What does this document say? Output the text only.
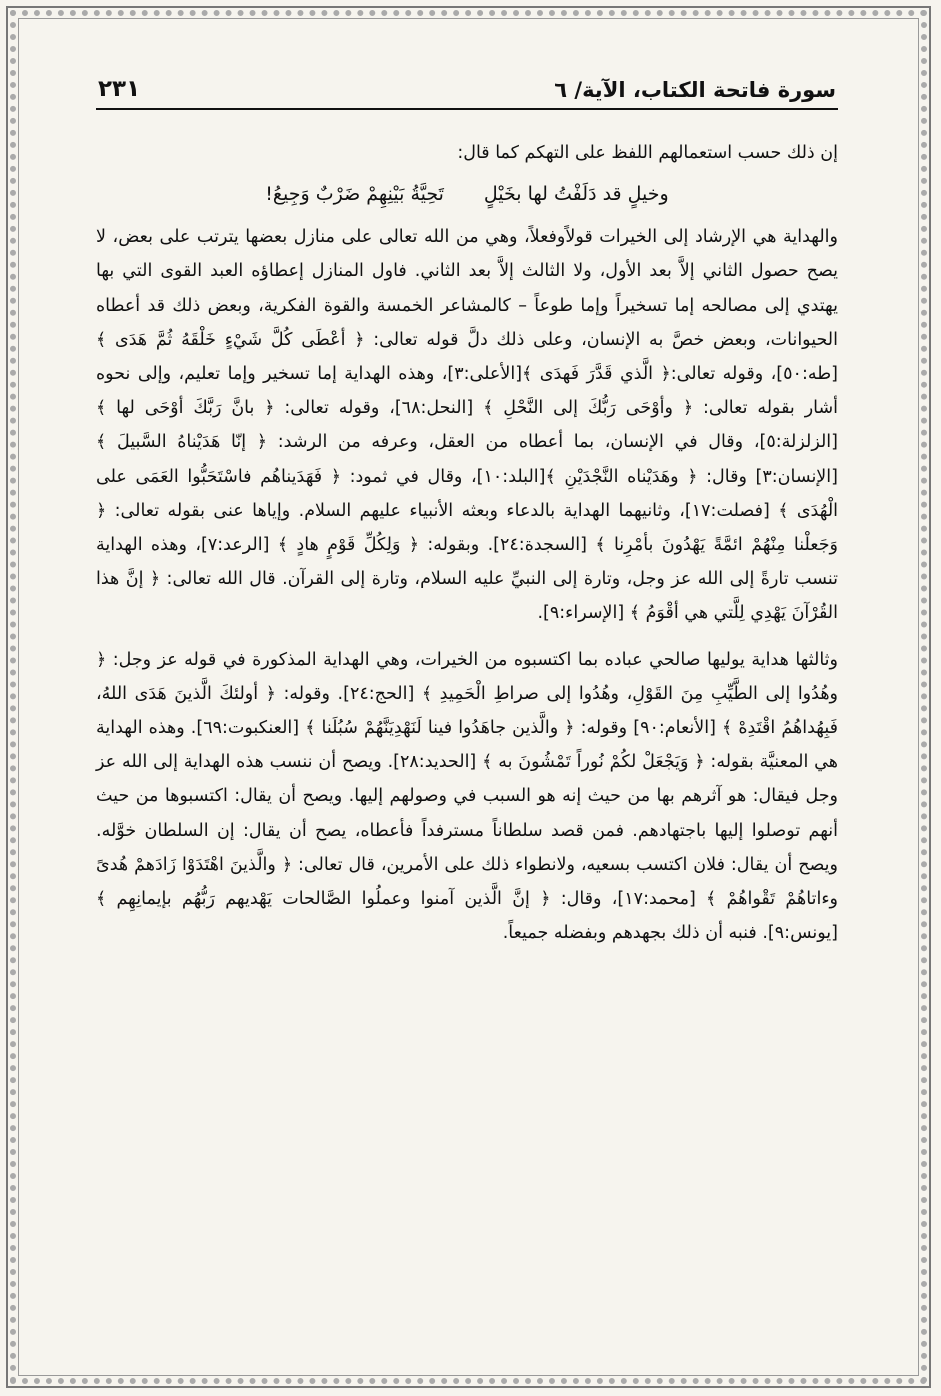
سورة فاتحة الكتاب، الآية/ ٦
٢٣١

إن ذلك حسب استعمالهم اللفظ على التهكم كما قال:

وخيلٍ قد دَلَفْتُ لها بخَيْلٍ
تَحِيَّةُ بَيْنِهِمْ ضَرْبٌ وَجِيعُ!

والهداية هي الإرشاد إلى الخيرات قولاًوفعلاً، وهي من الله تعالى على منازل بعضها يترتب على بعض، لا يصح حصول الثاني إلاَّ بعد الأول، ولا الثالث إلاَّ بعد الثاني. فاول المنازل إعطاؤه العبد القوى التي بها يهتدي إلى مصالحه إما تسخيراً وإما طوعاً – كالمشاعر الخمسة والقوة الفكرية، وبعض ذلك قد أعطاه الحيوانات، وبعض خصَّ به الإنسان، وعلى ذلك دلَّ قوله تعالى: ﴿ أعْطَى كُلَّ شَيْءٍ خَلْقَهُ ثُمَّ هَدَى ﴾ [طه:٥٠]، وقوله تعالى:﴿ الَّذي قَدَّرَ فَهدَى ﴾[الأعلى:٣]، وهذه الهداية إما تسخير وإما تعليم، وإلى نحوه أشار بقوله تعالى: ﴿ وأوْحَى رَبُّكَ إلى النَّحْلِ ﴾ [النحل:٦٨]، وقوله تعالى: ﴿ بانَّ رَبَّكَ أوْحَى لها ﴾ [الزلزلة:٥]، وقال في الإنسان، بما أعطاه من العقل، وعرفه من الرشد: ﴿ إنّا هَدَيْناهُ السَّبيلَ ﴾[الإنسان:٣] وقال: ﴿ وهَدَيْناه النَّجْدَيْنِ ﴾[البلد:١٠]، وقال في ثمود: ﴿ فَهَدَيناهُم فاسْتَحَبُّوا العَمَى على الْهُدَى ﴾ [فصلت:١٧]، وثانيهما الهداية بالدعاء وبعثه الأنبياء عليهم السلام. وإياها عنى بقوله تعالى: ﴿ وَجَعلْنا مِنْهُمْ ائمَّةً يَهْدُونَ بأمْرِنا ﴾ [السجدة:٢٤]. وبقوله: ﴿ وَلِكُلِّ قَوْمٍ هادٍ ﴾ [الرعد:٧]، وهذه الهداية تنسب تارةً إلى الله عز وجل، وتارة إلى النبيِّ عليه السلام، وتارة إلى القرآن. قال الله تعالى: ﴿ إنَّ هذا القُرْآنَ يَهْدِي لِلَّتي هي أقْوَمُ ﴾ [الإسراء:٩].

وثالثها هداية يوليها صالحي عباده بما اكتسبوه من الخيرات، وهي الهداية المذكورة في قوله عز وجل: ﴿ وهُدُوا إلى الطَّيِّبِ مِنَ القَوْلِ، وهُدُوا إلى صراطِ الْحَمِيدِ ﴾ [الحج:٢٤]. وقوله: ﴿ أولئكَ الَّذينَ هَدَى اللهُ، فَبِهُداهُمُ اقْتَدِهْ ﴾ [الأنعام:٩٠] وقوله: ﴿ والَّذين جاهَدُوا فينا لَنَهْدِيَنَّهُمْ سُبُلَنا ﴾ [العنكبوت:٦٩]. وهذه الهداية هي المعنيَّة بقوله: ﴿ وَيَجْعَلْ لكُمْ نُوراً تَمْشُونَ به ﴾ [الحديد:٢٨]. ويصح أن ننسب هذه الهداية إلى الله عز وجل فيقال: هو آثرهم بها من حيث إنه هو السبب في وصولهم إليها. ويصح أن يقال: اكتسبوها من حيث أنهم توصلوا إليها باجتهادهم. فمن قصد سلطاناً مسترفداً فأعطاه، يصح أن يقال: إن السلطان خوَّله. ويصح أن يقال: فلان اكتسب بسعيه، ولانطواء ذلك على الأمرين، قال تعالى: ﴿ والَّذينَ اهْتَدَوْا زَادَهمْ هُدىً وءاتاهُمْ تَقْواهُمْ ﴾ [محمد:١٧]، وقال: ﴿ إنَّ الَّذين آمنوا وعملُوا الصَّالحات يَهْديهم رَبُّهُم بإيمانِهِم ﴾ [يونس:٩]. فنبه أن ذلك بجهدهم وبفضله جميعاً.
